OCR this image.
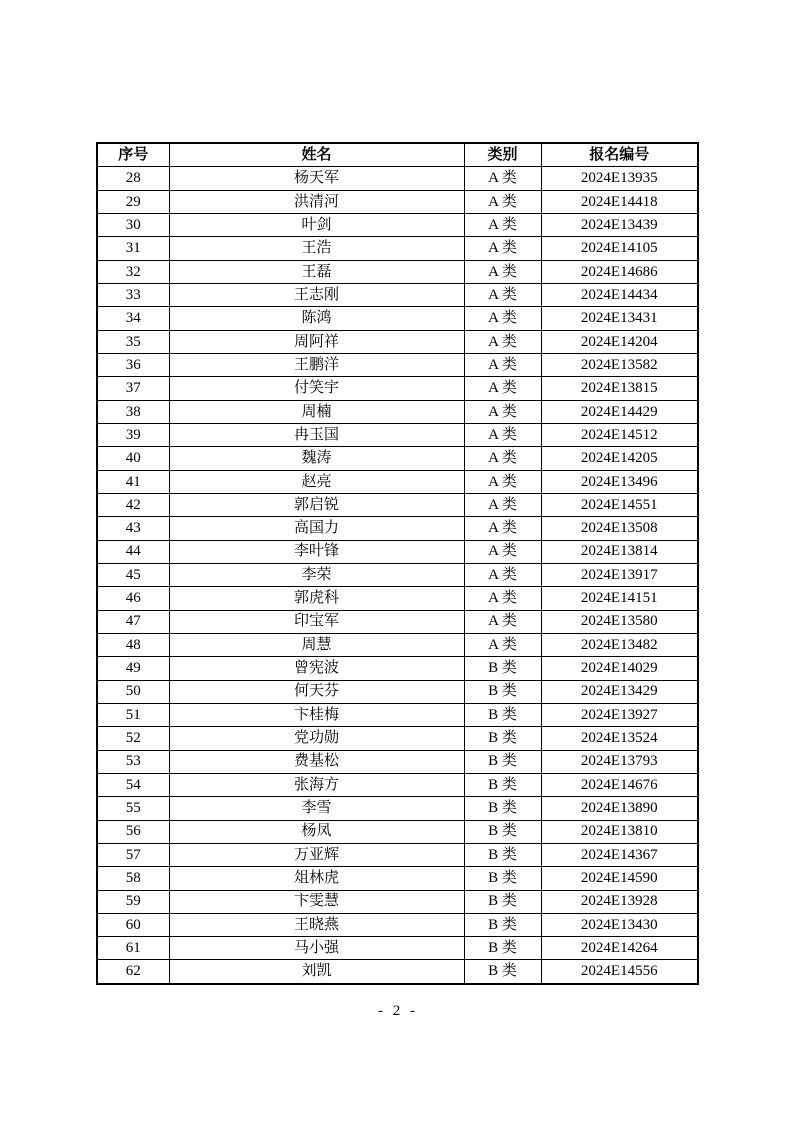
序号	姓名	类别	报名编号
28	杨天军	A 类	2024E13935
29	洪清河	A 类	2024E14418
30	叶剑	A 类	2024E13439
31	王浩	A 类	2024E14105
32	王磊	A 类	2024E14686
33	王志刚	A 类	2024E14434
34	陈鸿	A 类	2024E13431
35	周阿祥	A 类	2024E14204
36	王鹏洋	A 类	2024E13582
37	付笑宇	A 类	2024E13815
38	周楠	A 类	2024E14429
39	冉玉国	A 类	2024E14512
40	魏涛	A 类	2024E14205
41	赵亮	A 类	2024E13496
42	郭启锐	A 类	2024E14551
43	高国力	A 类	2024E13508
44	李叶锋	A 类	2024E13814
45	李荣	A 类	2024E13917
46	郭虎科	A 类	2024E14151
47	印宝军	A 类	2024E13580
48	周慧	A 类	2024E13482
49	曾宪波	B 类	2024E14029
50	何天芬	B 类	2024E13429
51	卞桂梅	B 类	2024E13927
52	党功勋	B 类	2024E13524
53	费基松	B 类	2024E13793
54	张海方	B 类	2024E14676
55	李雪	B 类	2024E13890
56	杨凤	B 类	2024E13810
57	万亚辉	B 类	2024E14367
58	俎林虎	B 类	2024E14590
59	卞雯慧	B 类	2024E13928
60	王晓燕	B 类	2024E13430
61	马小强	B 类	2024E14264
62	刘凯	B 类	2024E14556
- 2 -
